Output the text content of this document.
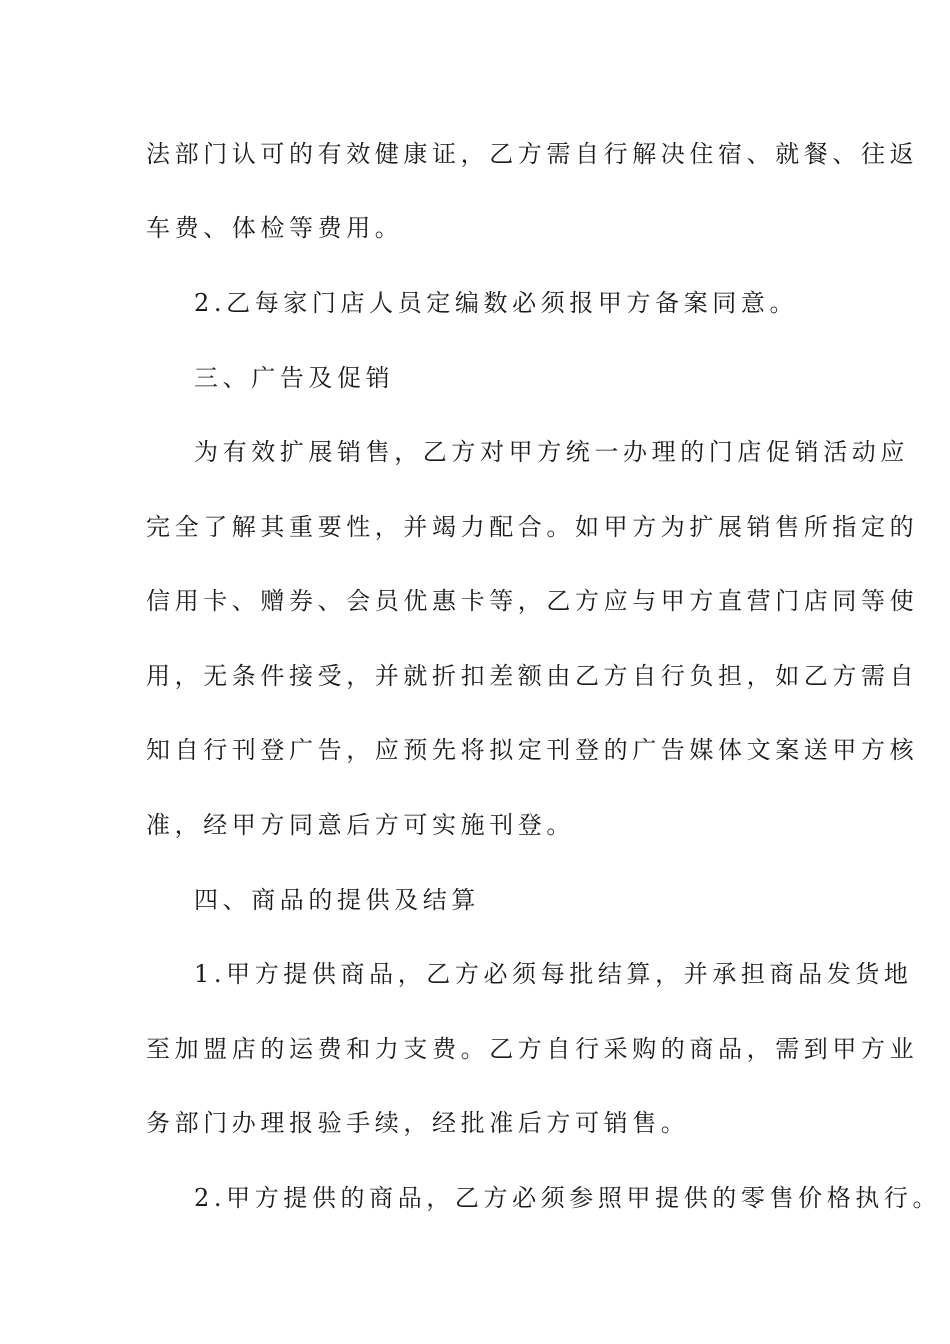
法部门认可的有效健康证，乙方需自行解决住宿、就餐、往返
车费、体检等费用。
2.乙每家门店人员定编数必须报甲方备案同意。
三、广告及促销
为有效扩展销售，乙方对甲方统一办理的门店促销活动应
完全了解其重要性，并竭力配合。如甲方为扩展销售所指定的
信用卡、赠券、会员优惠卡等，乙方应与甲方直营门店同等使
用，无条件接受，并就折扣差额由乙方自行负担，如乙方需自
知自行刊登广告，应预先将拟定刊登的广告媒体文案送甲方核
准，经甲方同意后方可实施刊登。
四、商品的提供及结算
1.甲方提供商品，乙方必须每批结算，并承担商品发货地
至加盟店的运费和力支费。乙方自行采购的商品，需到甲方业
务部门办理报验手续，经批准后方可销售。
2.甲方提供的商品，乙方必须参照甲提供的零售价格执行。
